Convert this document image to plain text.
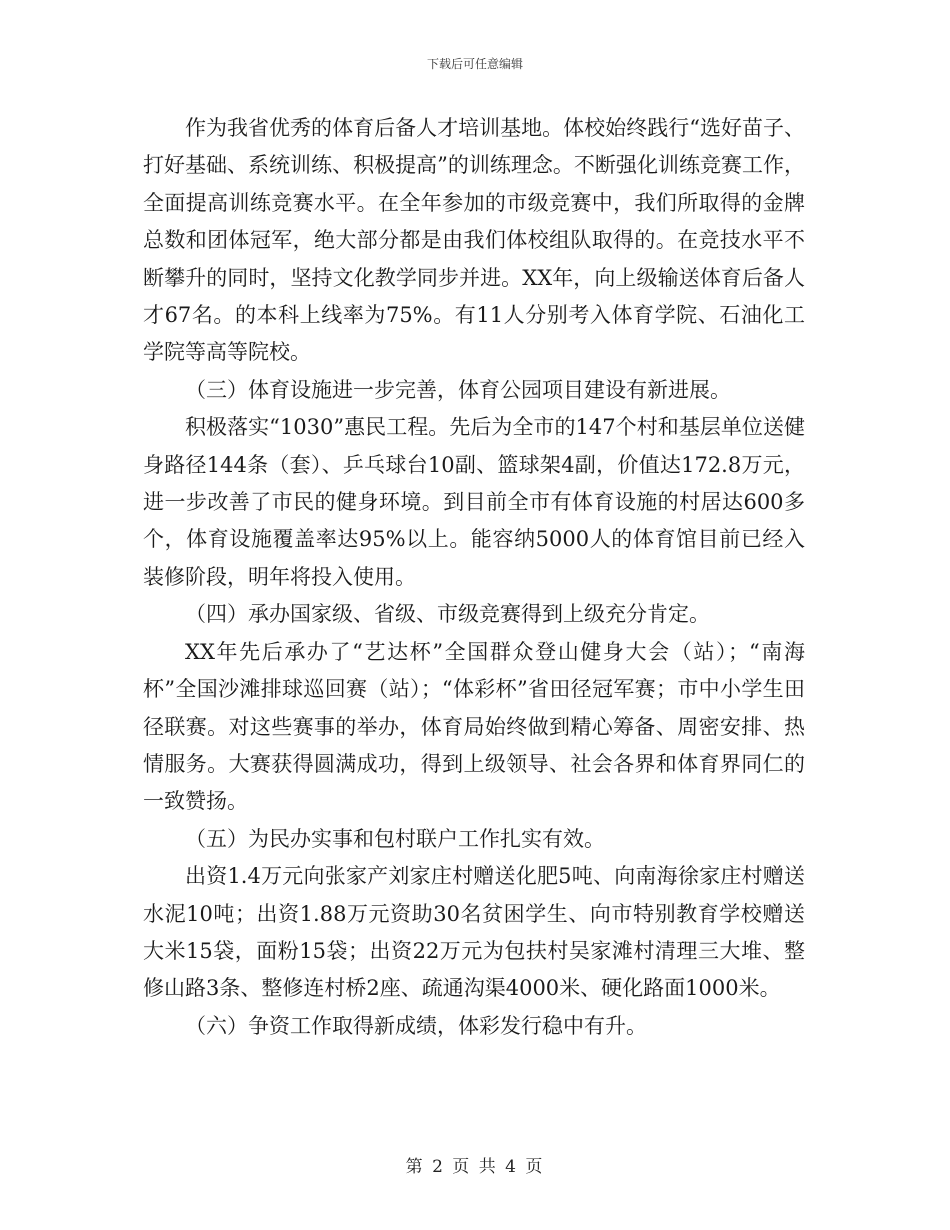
下载后可任意编辑

作为我省优秀的体育后备人才培训基地。体校始终践行“选好苗子、打好基础、系统训练、积极提高”的训练理念。不断强化训练竞赛工作，全面提高训练竞赛水平。在全年参加的市级竞赛中，我们所取得的金牌总数和团体冠军，绝大部分都是由我们体校组队取得的。在竞技水平不断攀升的同时，坚持文化教学同步并进。XX年，向上级输送体育后备人才67名。的本科上线率为75%。有11人分别考入体育学院、石油化工学院等高等院校。

（三）体育设施进一步完善，体育公园项目建设有新进展。

积极落实“1030”惠民工程。先后为全市的147个村和基层单位送健身路径144条（套）、乒乓球台10副、篮球架4副，价值达172.8万元，进一步改善了市民的健身环境。到目前全市有体育设施的村居达600多个，体育设施覆盖率达95%以上。能容纳5000人的体育馆目前已经入装修阶段，明年将投入使用。

（四）承办国家级、省级、市级竞赛得到上级充分肯定。

XX年先后承办了“艺达杯”全国群众登山健身大会（站）；“南海杯”全国沙滩排球巡回赛（站）；“体彩杯”省田径冠军赛；市中小学生田径联赛。对这些赛事的举办，体育局始终做到精心筹备、周密安排、热情服务。大赛获得圆满成功，得到上级领导、社会各界和体育界同仁的一致赞扬。

（五）为民办实事和包村联户工作扎实有效。

出资1.4万元向张家产刘家庄村赠送化肥5吨、向南海徐家庄村赠送水泥10吨；出资1.88万元资助30名贫困学生、向市特别教育学校赠送大米15袋，面粉15袋；出资22万元为包扶村吴家滩村清理三大堆、整修山路3条、整修连村桥2座、疏通沟渠4000米、硬化路面1000米。

（六）争资工作取得新成绩，体彩发行稳中有升。

第 2 页 共 4 页
